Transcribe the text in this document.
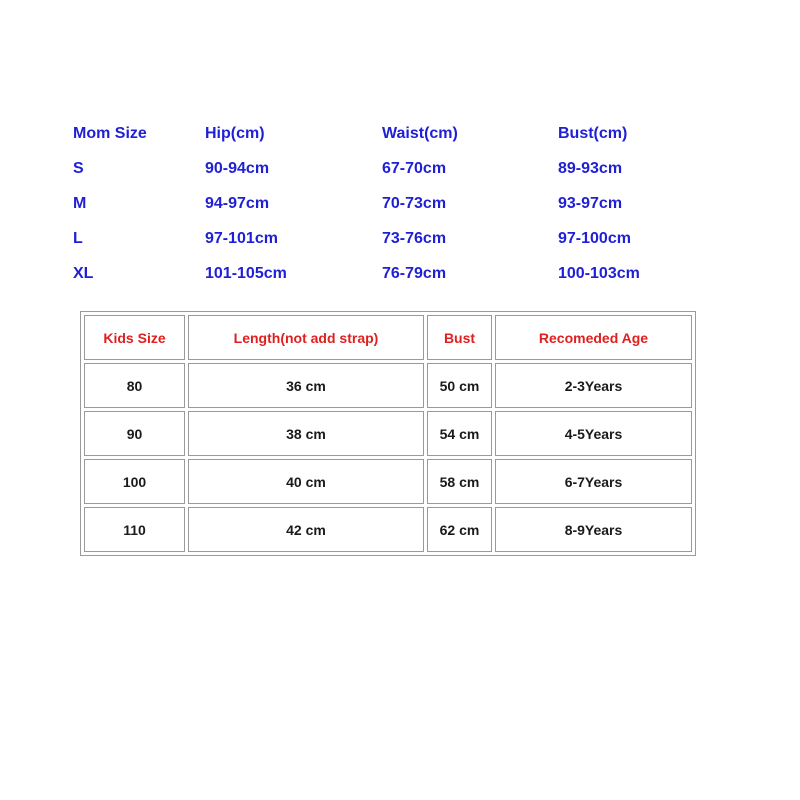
Mom Size	Hip(cm)	Waist(cm)	Bust(cm)
S	90-94cm	67-70cm	89-93cm
M	94-97cm	70-73cm	93-97cm
L	97-101cm	73-76cm	97-100cm
XL	101-105cm	76-79cm	100-103cm
Kids Size	Length(not add strap)	Bust	Recomeded Age
80	36 cm	50 cm	2-3Years
90	38 cm	54 cm	4-5Years
100	40 cm	58 cm	6-7Years
110	42 cm	62 cm	8-9Years
